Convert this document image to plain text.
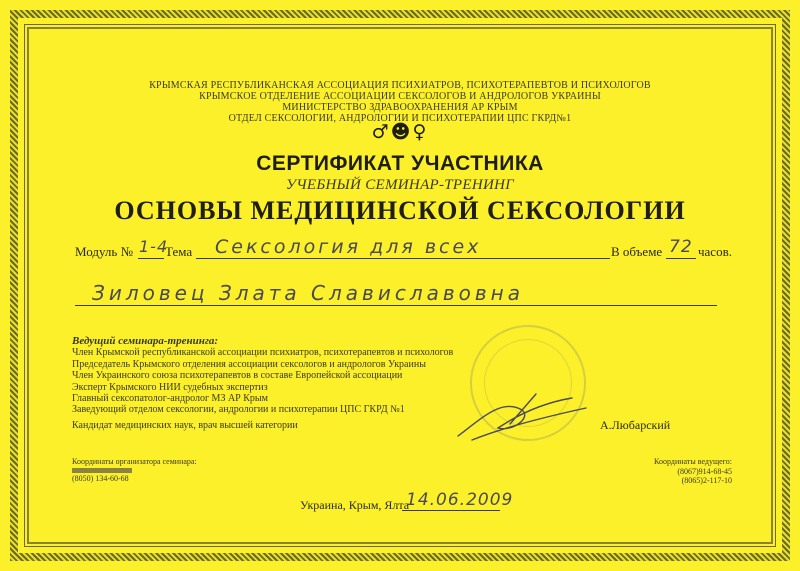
КРЫМСКАЯ РЕСПУБЛИКАНСКАЯ АССОЦИАЦИЯ ПСИХИАТРОВ, ПСИХОТЕРАПЕВТОВ И ПСИХОЛОГОВ
КРЫМСКОЕ ОТДЕЛЕНИЕ АССОЦИАЦИИ СЕКСОЛОГОВ И АНДРОЛОГОВ УКРАИНЫ
МИНИСТЕРСТВО ЗДРАВООХРАНЕНИЯ АР КРЫМ
ОТДЕЛ СЕКСОЛОГИИ, АНДРОЛОГИИ И ПСИХОТЕРАПИИ ЦПС ГКРД№1
♂☻♀
СЕРТИФИКАТ УЧАСТНИКА
УЧЕБНЫЙ СЕМИНАР-ТРЕНИНГ
ОСНОВЫ МЕДИЦИНСКОЙ СЕКСОЛОГИИ
Модуль № 1-4
Тема Сексология для всех	В объеме 72 часов.
Зиловец Злата Славиславовна
Ведущий семинара-тренинга:
Член Крымской республиканской ассоциации психиатров, психотерапевтов и психологов
Председатель Крымского отделения ассоциации сексологов и андрологов Украины
Член Украинского союза психотерапевтов в составе Европейской ассоциации
Эксперт Крымского НИИ судебных экспертиз
Главный сексопатолог-андролог МЗ АР Крым
Заведующий отделом сексологии, андрологии и психотерапии ЦПС ГКРД №1
Кандидат медицинских наук, врач высшей категории	А.Любарский
Координаты организатора семинара:
(8050) 134-60-68
Координаты ведущего:
(8067)914-68-45
(8065)2-117-10
Украина, Крым, Ялта
14.06.2009
